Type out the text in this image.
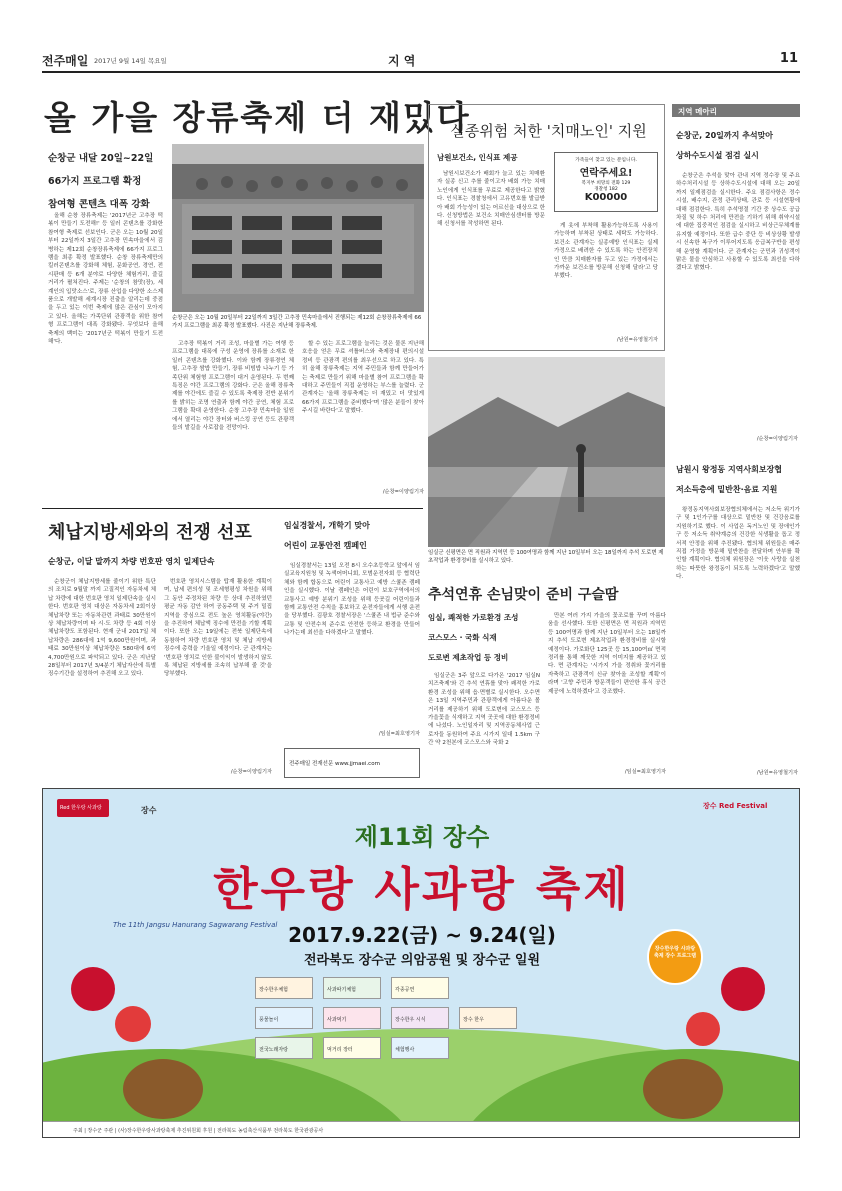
전주매일 2017년 9월 14일 목요일	지 역	11
올 가을 장류축제 더 재밌다
순창군 내달 20일~22일
66가지 프로그램 확정
참여형 콘텐츠 대폭 강화

올해 순창 장류축제는 '2017년군 고추장 떡볶이 만들기 도전해!' 등 일러 콘텐츠를 강화한 참여형 축제로 선보인다. 군은 오는 10월 20일부터 22일까지 3일간 고추장 민속마을에서 김병하는 제12회 순창장류축제에 66가지 프로그램을 최종 확정 발표했다. 순창 장류축제만의 킬러콘텐츠를 강화해 체험, 문화공연, 경연, 전시판매 등 6개 분야로 다양한 체험거리, 즐길 거리가 펼쳐진다. 주제는 '순창의 참맛(장), 세계인의 입맛소스'로, 장류 산업을 다양한 소스제품으로 개발해 세계시장 진출을 알리는데 중점을 두고 있는 이번 축제에 많은 관심이 모아지고 있다. 올해는 가족단위 관광객을 위한 참여형 프로그램이 대폭 강화됐다. 무엇보다 올해 축제의 백미는 '2017년군 떡볶이 만들기 도전해'다.

순창군은 오는 10월 20일부터 22일까지 3일간 고추장 민속마을에서 진행되는 제12회 순창장류축제에 66가지 프로그램을 최종 확정 발표했다. 사진은 지난해 장류축제.

고추장 떡볶이 거리 조성, 마을별 가는 여행 등 프로그램을 대폭에 구성 운영에 장류를 소재로 한 일러 콘텐츠를 강화했다. 이와 함께 장류경연 체험, 고추장 쌈밥 만들기, 장류 비빔밥 나누기 등 가족단위 체험형 프로그램이 대거 운영된다. 두 번째 특징은 야간 프로그램의 강화다. 군은 올해 장류축제를 야간에도 즐길 수 있도록 축제장 전반 분위기를 밝히는 조명 연출과 함께 야간 공연, 체험 프로그램을 확대 운영한다. 순창 고추장 민속마을 일원에서 열리는 야간 장터와 버스킹 공연 등도 관광객들의 발길을 사로잡을 전망이다.

할 수 있는 프로그램을 늘리는 것은 물론 지난해 호응을 얻은 무료 셔틀버스와 축제장내 편의시설 정비 등 관광객 편의를 최우선으로 하고 있다. 특히 올해 장류축제는 지역 주민들과 함께 만들어가는 축제로 만들기 위해 마을별 참여 프로그램을 확대하고 주민들이 직접 운영하는 부스를 늘렸다. 군 관계자는 '올해 장류축제는 더 재밌고 더 맛있게 66가지 프로그램을 준비했다'며 '많은 분들이 찾아 주시길 바란다'고 말했다.

/순창=이양림기자
실종위험 처한 '치매노인' 지원
남원보건소, 인식표 제공	가족들이 찾고 있는 분입니다.
연락주세요!
복지부 희망의 전화 129
경찰청 182
K00000

남원시보건소가 배회가 늘고 있는 치매환자 실종 신고 추를 줄이고자 배회 가능 치매노인에게 인식표를 무료로 제공한다고 밝혔다. 인식표는 경찰청에서 고유번호를 발급받아 배회 가능성이 있는 어르신을 대상으로 한다. 신청방법은 보건소 치매안심센터를 방문해 신청서를 작성하면 된다.	게 옷에 부착해 활용가능하도록 사용이 가능하며 부착된 상태로 세탁도 가능하다. 보건소 관계자는 실종예방 인식표는 실제 가정으로 배려한 수 있도록 하는 안전장치인 만큼 치매환자를 두고 있는 가정에서는 가까운 보건소를 방문해 신청해 달라'고 당부했다.

/남원=유영철기자
임실군 신평면은 면 직원과 지역민 등 100여명과 함께 지난 10일부터 오는 18일까지 추석 도로변 제초작업과 환경정비를 실시하고 있다.
지역 메아리
순창군, 20일까지 추석맞아
상하수도시설 점검 실시

순창군은 추석을 맞아 관내 지역 정수장 및 주요 하수처리시설 등 상하수도시설에 대해 오는 20일까지 일제점검을 실시한다. 주요 점검사항은 정수시설, 배수지, 관정 관리상태, 관로 등 시설현황에 대해 점검한다. 특히 추석명절 기간 중 상수도 공급 차질 및 하수 처리에 만전을 기하기 위해 취약시설에 대한 집중적인 점검을 실시하고 비상근무체계를 유지할 예정이다. 또한 급수 중단 등 비상상황 발생 시 신속한 복구가 이루어지도록 응급복구반을 편성해 운영할 계획이다. 군 관계자는 군민과 귀성객이 맑은 물을 안심하고 사용할 수 있도록 최선을 다하겠다고 밝혔다.

/순창=이양림기자
남원시 왕정동 지역사회보장협
저소득층에 밑반찬·음료 지원

왕정동지역사회보장협의체에서는 저소득 위기가구 및 1인가구를 대상으로 밑반찬 및 건강음료를 지원하기로 했다. 이 사업은 독거노인 및 장애인가구 등 저소득 취약계층의 건강한 식생활을 돕고 정서적 안정을 위해 추진됐다. 협의체 위원들은 매주 직접 가정을 방문해 밑반찬을 전달하며 안부를 확인할 계획이다. 협의체 위원장은 '이웃 사랑을 실천하는 따뜻한 왕정동이 되도록 노력하겠다'고 말했다.

/남원=유영철기자
체납지방세와의 전쟁 선포
순창군, 이달 말까지 차량 번호판 영치 일제단속

순창군이 체납지방세를 줄이기 위한 특단의 조치로 9월말 까지 고질적인 자동차세 체납 차량에 대한 번호판 영치 일제단속을 실시한다. 번호판 영치 대상은 자동차세 2회이상 체납차량 또는 자동차관련 과태료 30만원이상 체납차량이며 타 시·도 차량 등 4회 이상 체납차량도 포함된다. 현재 군내 2017일 체납차량은 286대에 1억 9,600만원이며, 과태료 30만원이상 체납차량은 580대에 6억 4,700만원으로 파악되고 있다. 군은 지난달 28일부터 2017년 3/4분기 체납자산에 특별 징수기간을 설정하여 추진해 오고 있다.

번호판 영치시스템을 탑재 활용한 계획이며, 납세 편의성 및 조세형평성 차원을 위해 그 동안 주정차된 차량 등 상대 추진하였던 평균 자동 감안 하여 공동주택 및 주거 밀집지역을 중심으로 전도 높은 영치활동(야간)을 추진하여 체납액 징수에 만전을 기할 계획이다. 또한 오는 19일에는 전북 일제단속에 동참하여 차량 번호판 영치 및 체납 지방세 징수에 총력을 기울일 예정이다. 군 관계자는 '번호판 영치로 인한 불이익이 발생하지 않도록 체납된 지방세를 조속히 납부해 줄 것'을 당부했다.

/순창=이양림기자
임실경찰서, 개학기 맞아
어린이 교통안전 캠페인

임실경찰서는 13일 오전 8시 오수초등학교 앞에서 임실교육지원청 및 녹색어머니회, 모범운전자회 등 협력단체와 함께 합동으로 어린이 교통사고 예방 스쿨존 캠페인을 실시했다. 이날 캠페인은 어린이 보호구역에서의 교통사고 예방 분위기 조성을 위해 등굣길 어린이들과 함께 교통안전 수칙을 홍보하고 운전자들에게 서행 운전을 당부했다. 김광호 경찰서장은 '스쿨존 내 법규 준수와 교통 및 안전수칙 준수로 안전한 등하교 환경을 만들어 나가는데 최선을 다하겠다'고 말했다.

/임실=최호영기자
전주매일 전재선문 www.jjmaei.com
추석연휴 손님맞이 준비 구슬땀
임실, 쾌적한 가로환경 조성
코스모스 · 국화 식재
도로변 제초작업 등 정비

임실군은 3주 앞으로 다가온 '2017 임실N치즈축제'와 긴 추석 연휴를 맞아 쾌적한 가로환경 조성을 위해 읍·면별로 실시한다. 오수면은 13일 지역주민과 관광객에게 아름다운 볼거리를 제공하기 위해 도로변에 코스모스 등 가을꽃을 식재하고 지역 곳곳에 대한 환경정비에 나섰다. 노인일자리 및 지역공동체사업 근로자들 동원하여 주요 시가지 일대 1.5km 구간 약 2천본에 코스모스와 국화 2

만본 여러 가지 가을의 꽃조로를 꾸며 아름다움을 선사했다. 또한 신평면은 면 직원과 지역민 등 100여명과 함께 지난 10일부터 오는 18일까지 추석 도로변 제초작업과 환경정비를 실시할 예정이다. 가로화단 125곳 등 15,100여㎡ 면적 정리를 통해 깨끗한 지역 이미지를 제공하고 있다. 면 관계자는 '시가지 가을 정취와 꽃거리를 자축하고 관광객이 신규 찾아올 조성할 계획'이라며 '고향 주민과 방문객들이 편안한 휴식 공간 제공에 노력하겠다'고 강조했다.

/임실=최호영기자
Red 한우랑 사과랑	장수	장수 Red Festival
제11회 장수
한우랑 사과랑 축제
The 11th Jangsu Hanurang Sagwarang Festival 2017.9.22(금) ~ 9.24(일)
전라북도 장수군 의암공원 및 장수군 일원
장수한우랑 사과랑축제 장수 프로그램
장수한우체험	사과따기체험	각종공연
풍물놀이	사과먹기	장수한우 시식	장수 한우
전국노래자랑	먹거리 장터	체험행사
주최 | 장수군 주관 | (사)장수한우랑사과랑축제 추진위원회 후원 | 전라북도 농림축산식품부 전라북도 한국관광공사
